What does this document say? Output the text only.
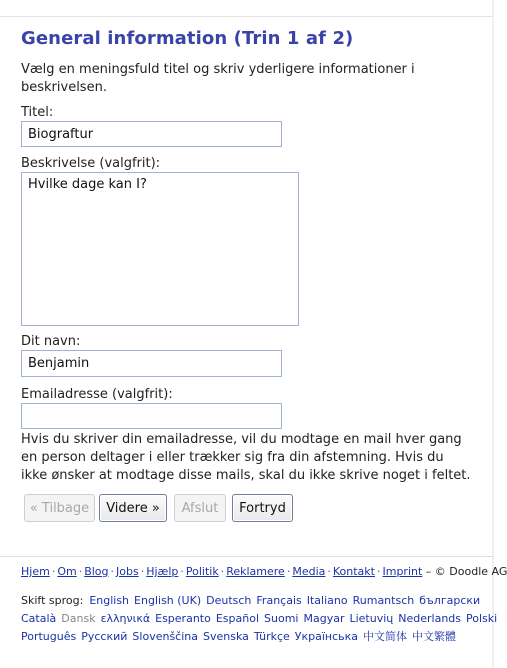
General information (Trin 1 af 2)
Vælg en meningsfuld titel og skriv yderligere informationer i beskrivelsen.
Titel:
Biograftur
Beskrivelse (valgfrit):
Hvilke dage kan I?
Dit navn:
Benjamin
Emailadresse (valgfrit):
Hvis du skriver din emailadresse, vil du modtage en mail hver gang en person deltager i eller trækker sig fra din afstemning. Hvis du ikke ønsker at modtage disse mails, skal du ikke skrive noget i feltet.
« Tilbage	Videre »	Afslut	Fortryd
Hjem · Om · Blog · Jobs · Hjælp · Politik · Reklamere · Media · Kontakt · Imprint – © Doodle AG
Skift sprog: English English (UK) Deutsch Français Italiano Rumantsch български
Català Dansk ελληνικά Esperanto Español Suomi Magyar Lietuvių Nederlands Polski
Português Русский Slovenščina Svenska Türkçe Українська 中文简体 中文繁體
